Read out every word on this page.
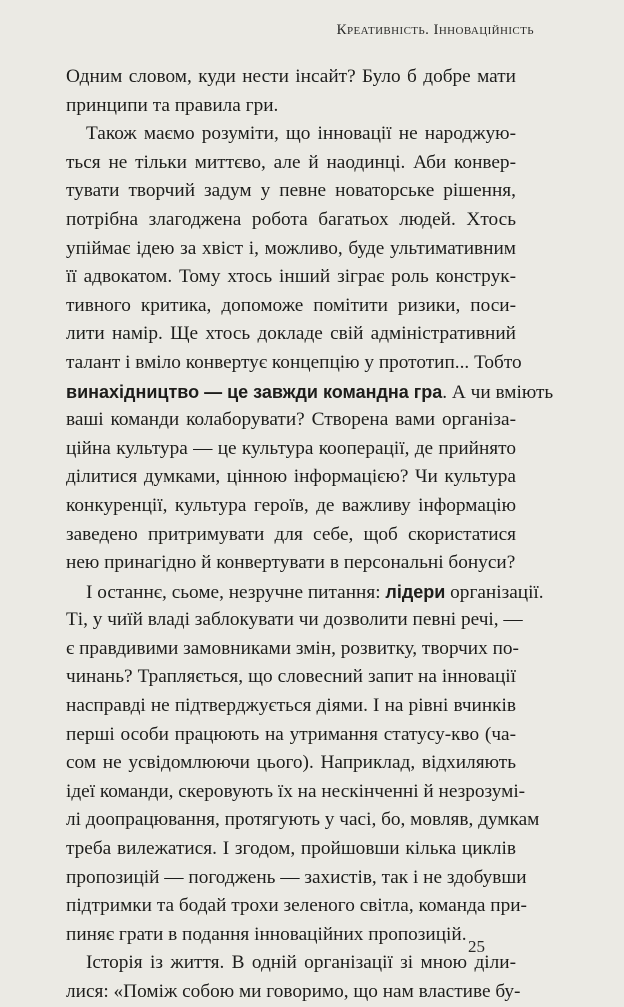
Креативність. Інноваційність
Одним словом, куди нести інсайт? Було б добре мати
принципи та правила гри.
Також маємо розуміти, що інновації не народжую-
ться не тільки миттєво, але й наодинці. Аби конвер-
тувати творчий задум у певне новаторське рішення,
потрібна злагоджена робота багатьох людей. Хтось
упіймає ідею за хвіст і, можливо, буде ультимативним
її адвокатом. Тому хтось інший зіграє роль конструк-
тивного критика, допоможе помітити ризики, поси-
лити намір. Ще хтось докладе свій адміністративний
талант і вміло конвертує концепцію у прототип... Тобто
винахідництво — це завжди командна гра. А чи вміють
ваші команди колаборувати? Створена вами організа-
ційна культура — це культура кооперації, де прийнято
ділитися думками, цінною інформацією? Чи культура
конкуренції, культура героїв, де важливу інформацію
заведено притримувати для себе, щоб скористатися
нею принагідно й конвертувати в персональні бонуси?
І останнє, сьоме, незручне питання: лідери організації.
Ті, у чиїй владі заблокувати чи дозволити певні речі, —
є правдивими замовниками змін, розвитку, творчих по-
чинань? Трапляється, що словесний запит на інновації
насправді не підтверджується діями. І на рівні вчинків
перші особи працюють на утримання статусу-кво (ча-
сом не усвідомлюючи цього). Наприклад, відхиляють
ідеї команди, скеровують їх на нескінченні й незрозумі-
лі доопрацювання, протягують у часі, бо, мовляв, думкам
треба вилежатися. І згодом, пройшовши кілька циклів
пропозицій — погоджень — захистів, так і не здобувши
підтримки та бодай трохи зеленого світла, команда при-
пиняє грати в подання інноваційних пропозицій.
Історія із життя. В одній організації зі мною діли-
лися: «Поміж собою ми говоримо, що нам властиве бу-
25
